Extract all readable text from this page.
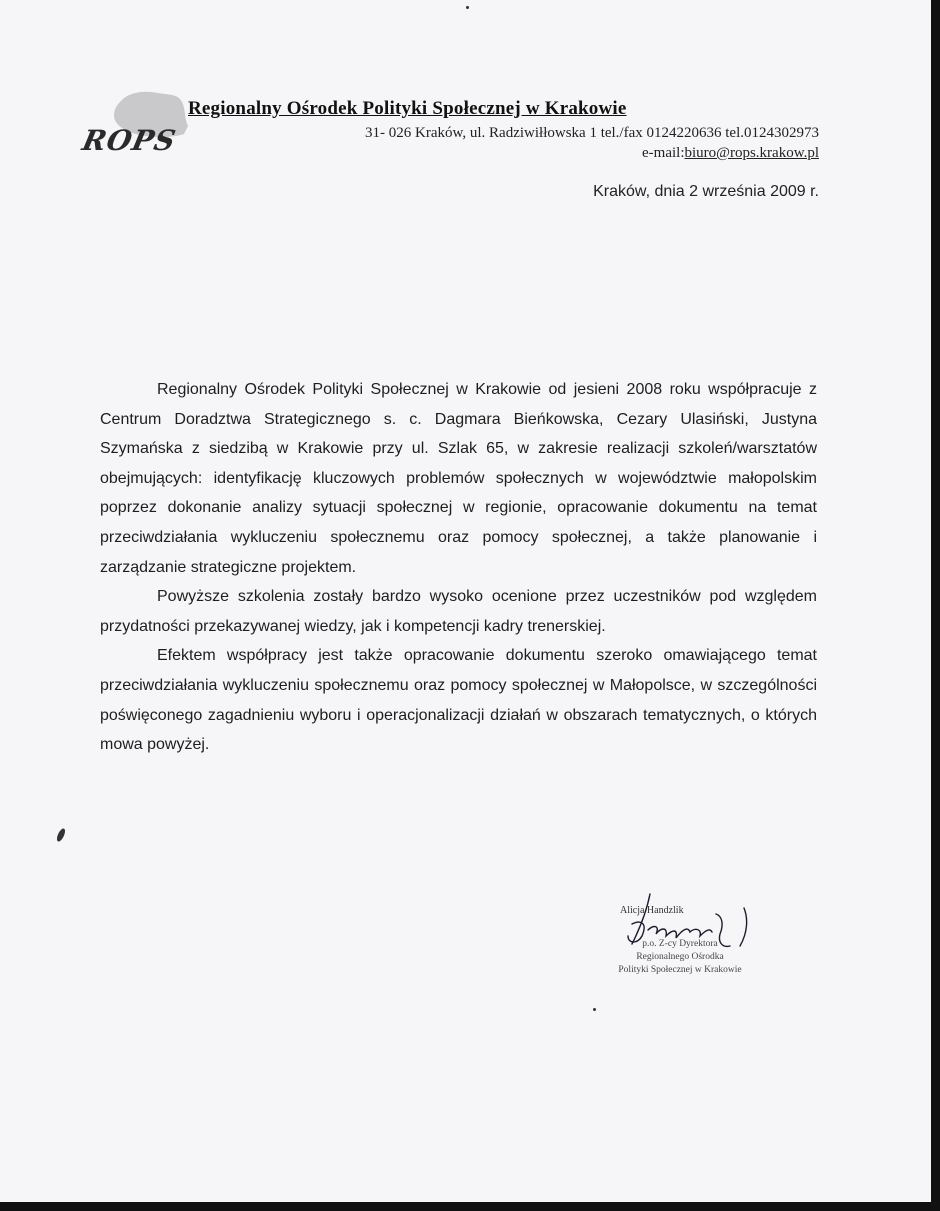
ROPS
Regionalny Ośrodek Polityki Społecznej w Krakowie
31- 026 Kraków, ul. Radziwiłłowska 1 tel./fax 0124220636 tel.0124302973
e-mail:biuro@rops.krakow.pl
Kraków, dnia 2 września 2009 r.

Regionalny Ośrodek Polityki Społecznej w Krakowie od jesieni 2008 roku współpracuje z Centrum Doradztwa Strategicznego s. c. Dagmara Bieńkowska, Cezary Ulasiński, Justyna Szymańska z siedzibą w Krakowie przy ul. Szlak 65, w zakresie realizacji szkoleń/warsztatów obejmujących: identyfikację kluczowych problemów społecznych w województwie małopolskim poprzez dokonanie analizy sytuacji społecznej w regionie, opracowanie dokumentu na temat przeciwdziałania wykluczeniu społecznemu oraz pomocy społecznej, a także planowanie i zarządzanie strategiczne projektem.

Powyższe szkolenia zostały bardzo wysoko ocenione przez uczestników pod względem przydatności przekazywanej wiedzy, jak i kompetencji kadry trenerskiej.

Efektem współpracy jest także opracowanie dokumentu szeroko omawiającego temat przeciwdziałania wykluczeniu społecznemu oraz pomocy społecznej w Małopolsce, w szczególności poświęconego zagadnieniu wyboru i operacjonalizacji działań w obszarach tematycznych, o których mowa powyżej.

Alicja Handzlik
p.o. Z-cy Dyrektora
Regionalnego Ośrodka
Polityki Społecznej w Krakowie
